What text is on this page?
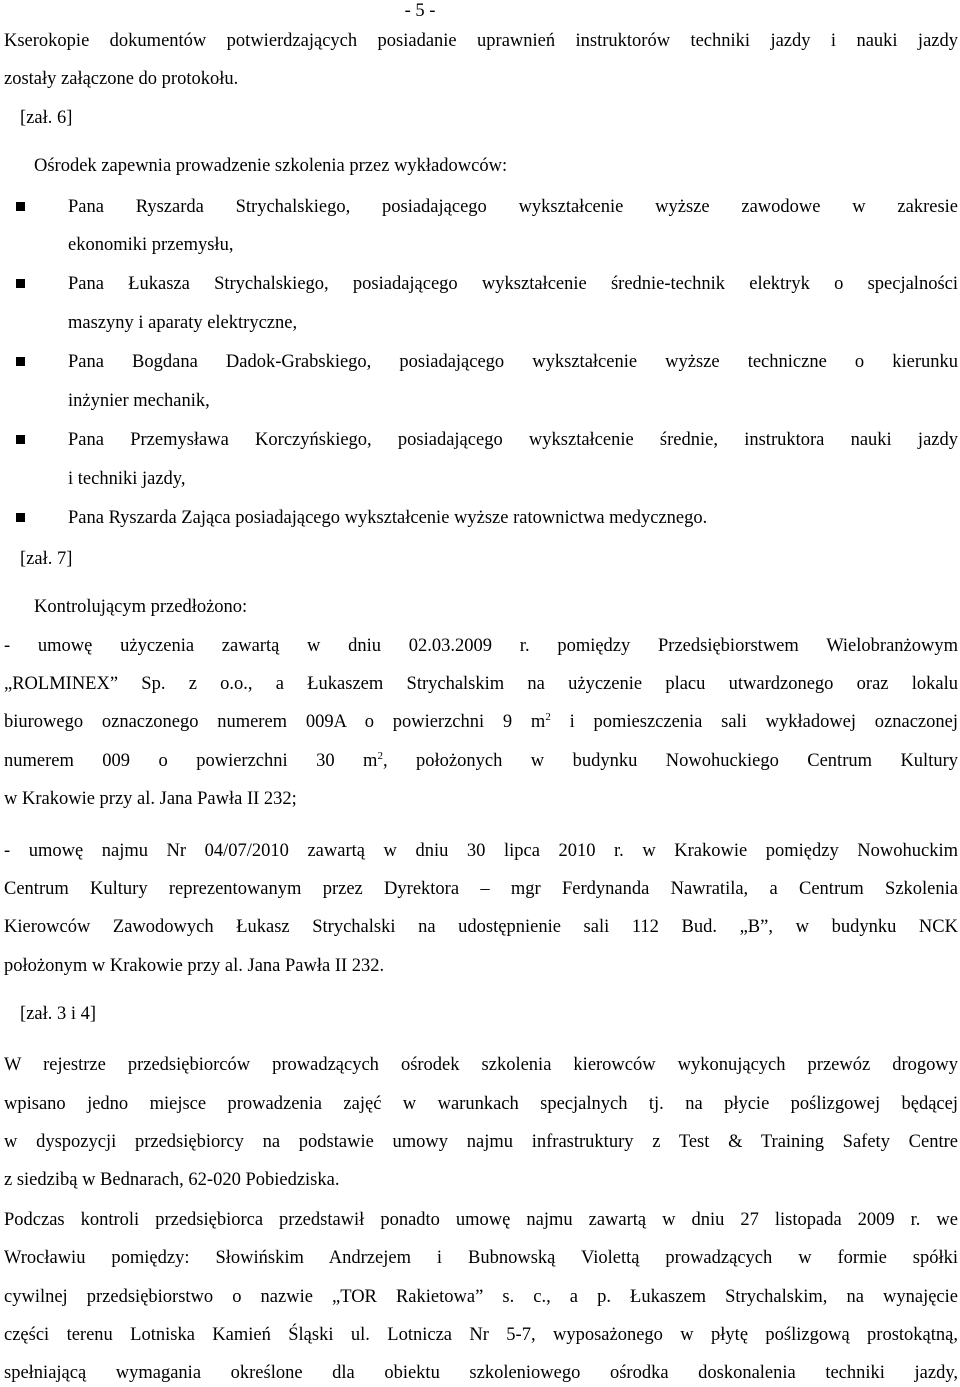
- 5 -
Kserokopie dokumentów potwierdzających posiadanie uprawnień instruktorów techniki jazdy i nauki jazdy
zostały załączone do protokołu.
[zał. 6]
Ośrodek zapewnia prowadzenie szkolenia przez wykładowców:
Pana Ryszarda Strychalskiego, posiadającego wykształcenie wyższe zawodowe w zakresie
ekonomiki przemysłu,
Pana Łukasza Strychalskiego, posiadającego wykształcenie średnie-technik elektryk o specjalności
maszyny i aparaty elektryczne,
Pana Bogdana Dadok-Grabskiego, posiadającego wykształcenie wyższe techniczne o kierunku
inżynier mechanik,
Pana Przemysława Korczyńskiego, posiadającego wykształcenie średnie, instruktora nauki jazdy
i techniki jazdy,
Pana Ryszarda Zająca posiadającego wykształcenie wyższe ratownictwa medycznego.
[zał. 7]
Kontrolującym przedłożono:
- umowę użyczenia zawartą w dniu 02.03.2009 r. pomiędzy Przedsiębiorstwem Wielobranżowym
„ROLMINEX” Sp. z o.o., a Łukaszem Strychalskim na użyczenie placu utwardzonego oraz lokalu
biurowego oznaczonego numerem 009A o powierzchni 9 $m^2$ i pomieszczenia sali wykładowej oznaczonej
numerem 009 o powierzchni 30 $m^2$, położonych w budynku Nowohuckiego Centrum Kultury
w Krakowie przy al. Jana Pawła II 232;
- umowę najmu Nr 04/07/2010 zawartą w dniu 30 lipca 2010 r. w Krakowie pomiędzy Nowohuckim
Centrum Kultury reprezentowanym przez Dyrektora – mgr Ferdynanda Nawratila, a Centrum Szkolenia
Kierowców Zawodowych Łukasz Strychalski na udostępnienie sali 112 Bud. „B”, w budynku NCK
położonym w Krakowie przy al. Jana Pawła II 232.
[zał. 3 i 4]
W rejestrze przedsiębiorców prowadzących ośrodek szkolenia kierowców wykonujących przewóz drogowy
wpisano jedno miejsce prowadzenia zajęć w warunkach specjalnych tj. na płycie poślizgowej będącej
w dyspozycji przedsiębiorcy na podstawie umowy najmu infrastruktury z Test & Training Safety Centre
z siedzibą w Bednarach, 62-020 Pobiedziska.
Podczas kontroli przedsiębiorca przedstawił ponadto umowę najmu zawartą w dniu 27 listopada 2009 r. we
Wrocławiu pomiędzy: Słowińskim Andrzejem i Bubnowską Violettą prowadzących w formie spółki
cywilnej przedsiębiorstwo o nazwie „TOR Rakietowa” s. c., a p. Łukaszem Strychalskim, na wynajęcie
części terenu Lotniska Kamień Śląski ul. Lotnicza Nr 5-7, wyposażonego w płytę poślizgową prostokątną,
spełniającą wymagania określone dla obiektu szkoleniowego ośrodka doskonalenia techniki jazdy,
